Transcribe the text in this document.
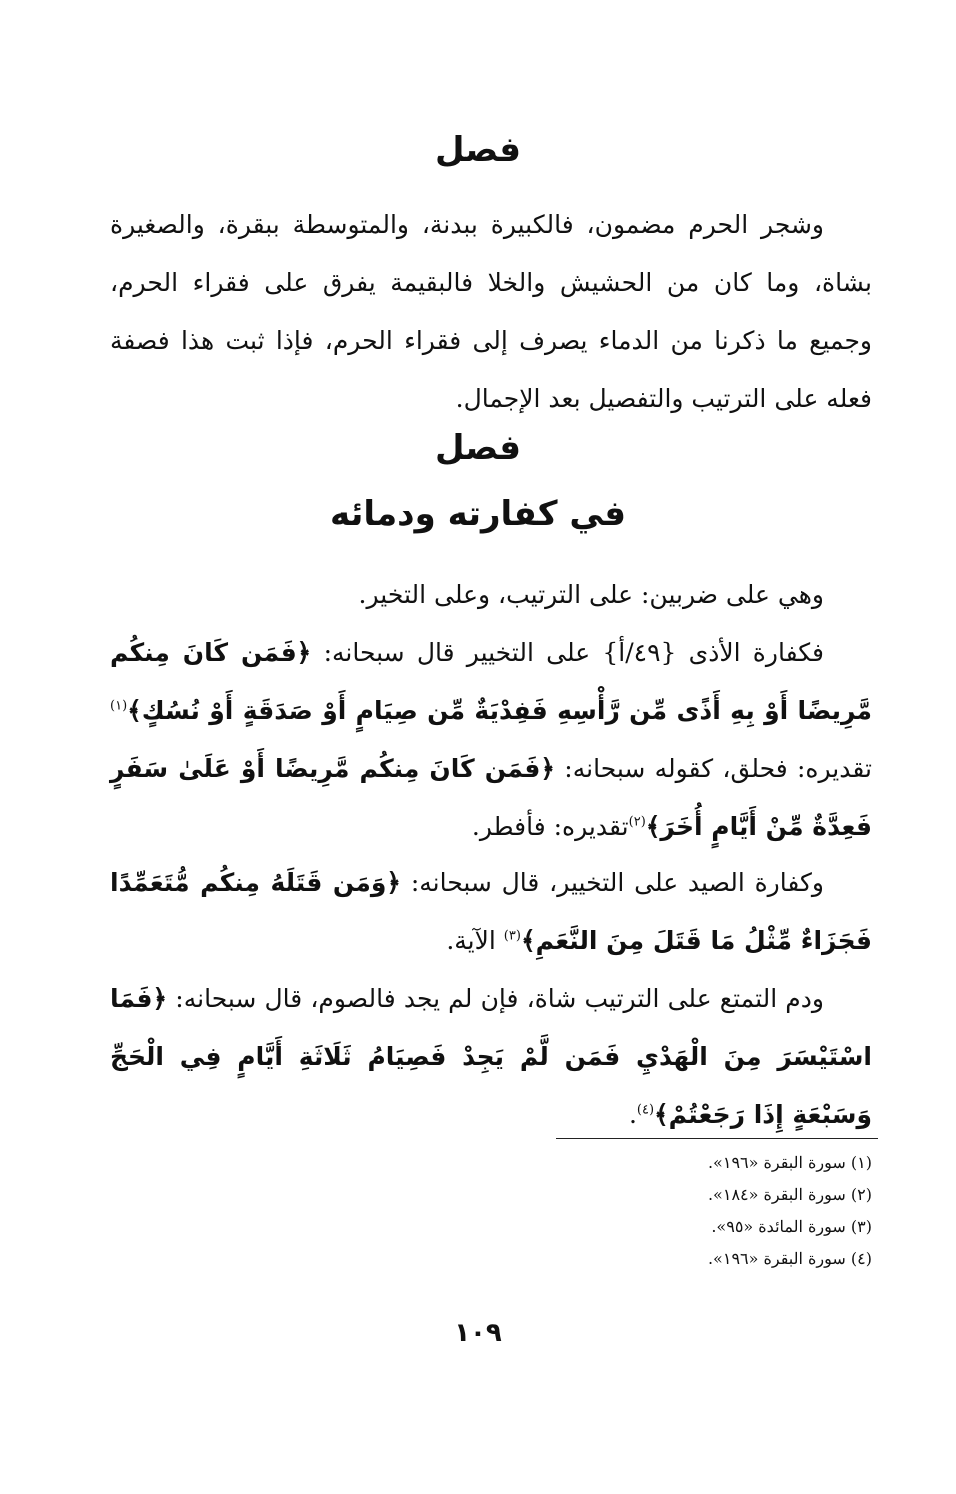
فصل
وشجر الحرم مضمون، فالكبيرة ببدنة، والمتوسطة ببقرة، والصغيرة بشاة، وما كان من الحشيش والخلا فالبقيمة يفرق على فقراء الحرم، وجميع ما ذكرنا من الدماء يصرف إلى فقراء الحرم، فإذا ثبت هذا فصفة فعله على الترتيب والتفصيل بعد الإجمال.
فصل
في كفارته ودمائه
وهي على ضربين: على الترتيب، وعلى التخير.
فكفارة الأذى {٤٩/أ} على التخيير قال سبحانه: ﴿فَمَن كَانَ مِنكُم مَّرِيضًا أَوْ بِهِ أَذًى مِّن رَّأْسِهِ فَفِدْيَةٌ مِّن صِيَامٍ أَوْ صَدَقَةٍ أَوْ نُسُكٍ﴾$^{(١)}$ تقديره: فحلق، كقوله سبحانه: ﴿فَمَن كَانَ مِنكُم مَّرِيضًا أَوْ عَلَىٰ سَفَرٍ فَعِدَّةٌ مِّنْ أَيَّامٍ أُخَرَ﴾$^{(٢)}$تقديره: فأفطر.
وكفارة الصيد على التخيير، قال سبحانه: ﴿وَمَن قَتَلَهُ مِنكُم مُّتَعَمِّدًا فَجَزَاءٌ مِّثْلُ مَا قَتَلَ مِنَ النَّعَمِ﴾$^{(٣)}$ الآية.
ودم التمتع على الترتيب شاة، فإن لم يجد فالصوم، قال سبحانه: ﴿فَمَا اسْتَيْسَرَ مِنَ الْهَدْيِ فَمَن لَّمْ يَجِدْ فَصِيَامُ ثَلَاثَةِ أَيَّامٍ فِي الْحَجِّ وَسَبْعَةٍ إِذَا رَجَعْتُمْ﴾$^{(٤)}$.
(١) سورة البقرة «١٩٦».
(٢) سورة البقرة «١٨٤».
(٣) سورة المائدة «٩٥».
(٤) سورة البقرة «١٩٦».
١٠٩
